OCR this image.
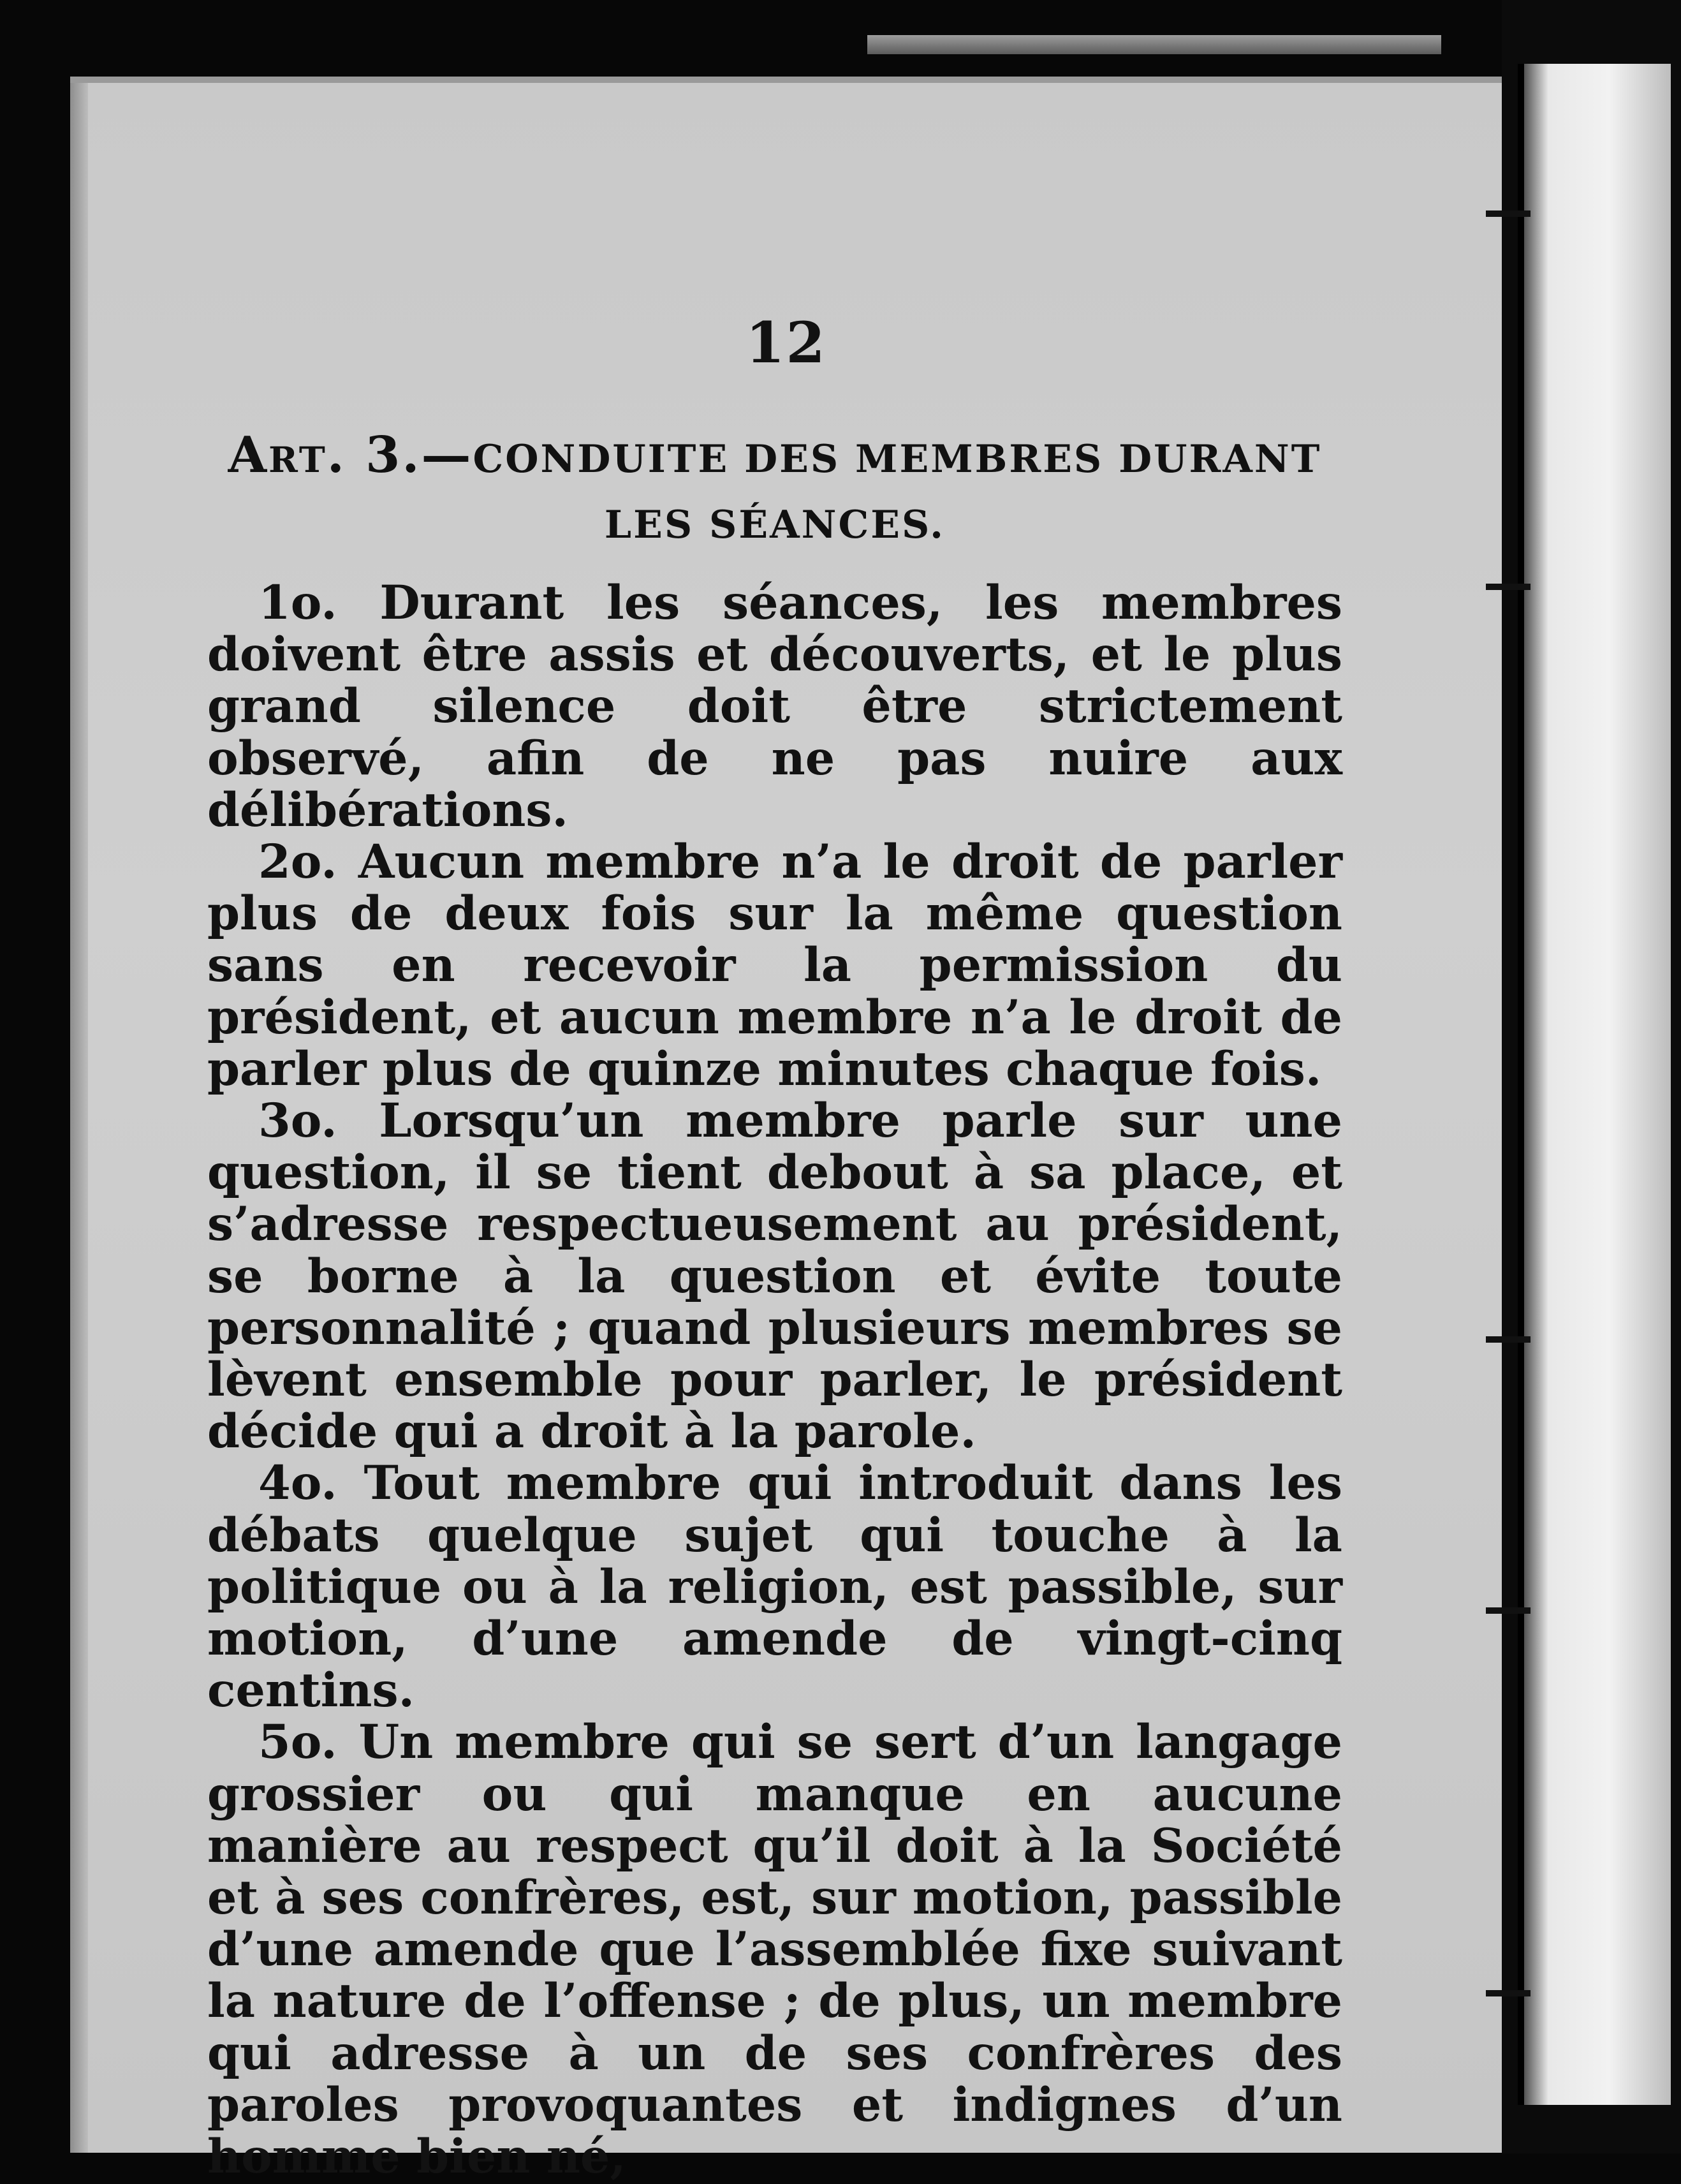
12
Art. 3.—CONDUITE DES MEMBRES DURANT LES SÉANCES.

1o. Durant les séances, les membres doivent être assis et découverts, et le plus grand silence doit être strictement observé, afin de ne pas nuire aux délibérations.

2o. Aucun membre n’a le droit de parler plus de deux fois sur la même question sans en recevoir la permission du président, et aucun membre n’a le droit de parler plus de quinze minutes chaque fois.

3o. Lorsqu’un membre parle sur une question, il se tient debout à sa place, et s’adresse respectueusement au président, se borne à la question et évite toute personnalité ; quand plusieurs membres se lèvent ensemble pour parler, le président décide qui a droit à la parole.

4o. Tout membre qui introduit dans les débats quelque sujet qui touche à la politique ou à la religion, est passible, sur motion, d’une amende de vingt-cinq centins.

5o. Un membre qui se sert d’un langage grossier ou qui manque en aucune manière au respect qu’il doit à la Société et à ses confrères, est, sur motion, passible d’une amende que l’assemblée fixe suivant la nature de l’offense ; de plus, un membre qui adresse à un de ses confrères des paroles provoquantes et indignes d’un homme bien né,
